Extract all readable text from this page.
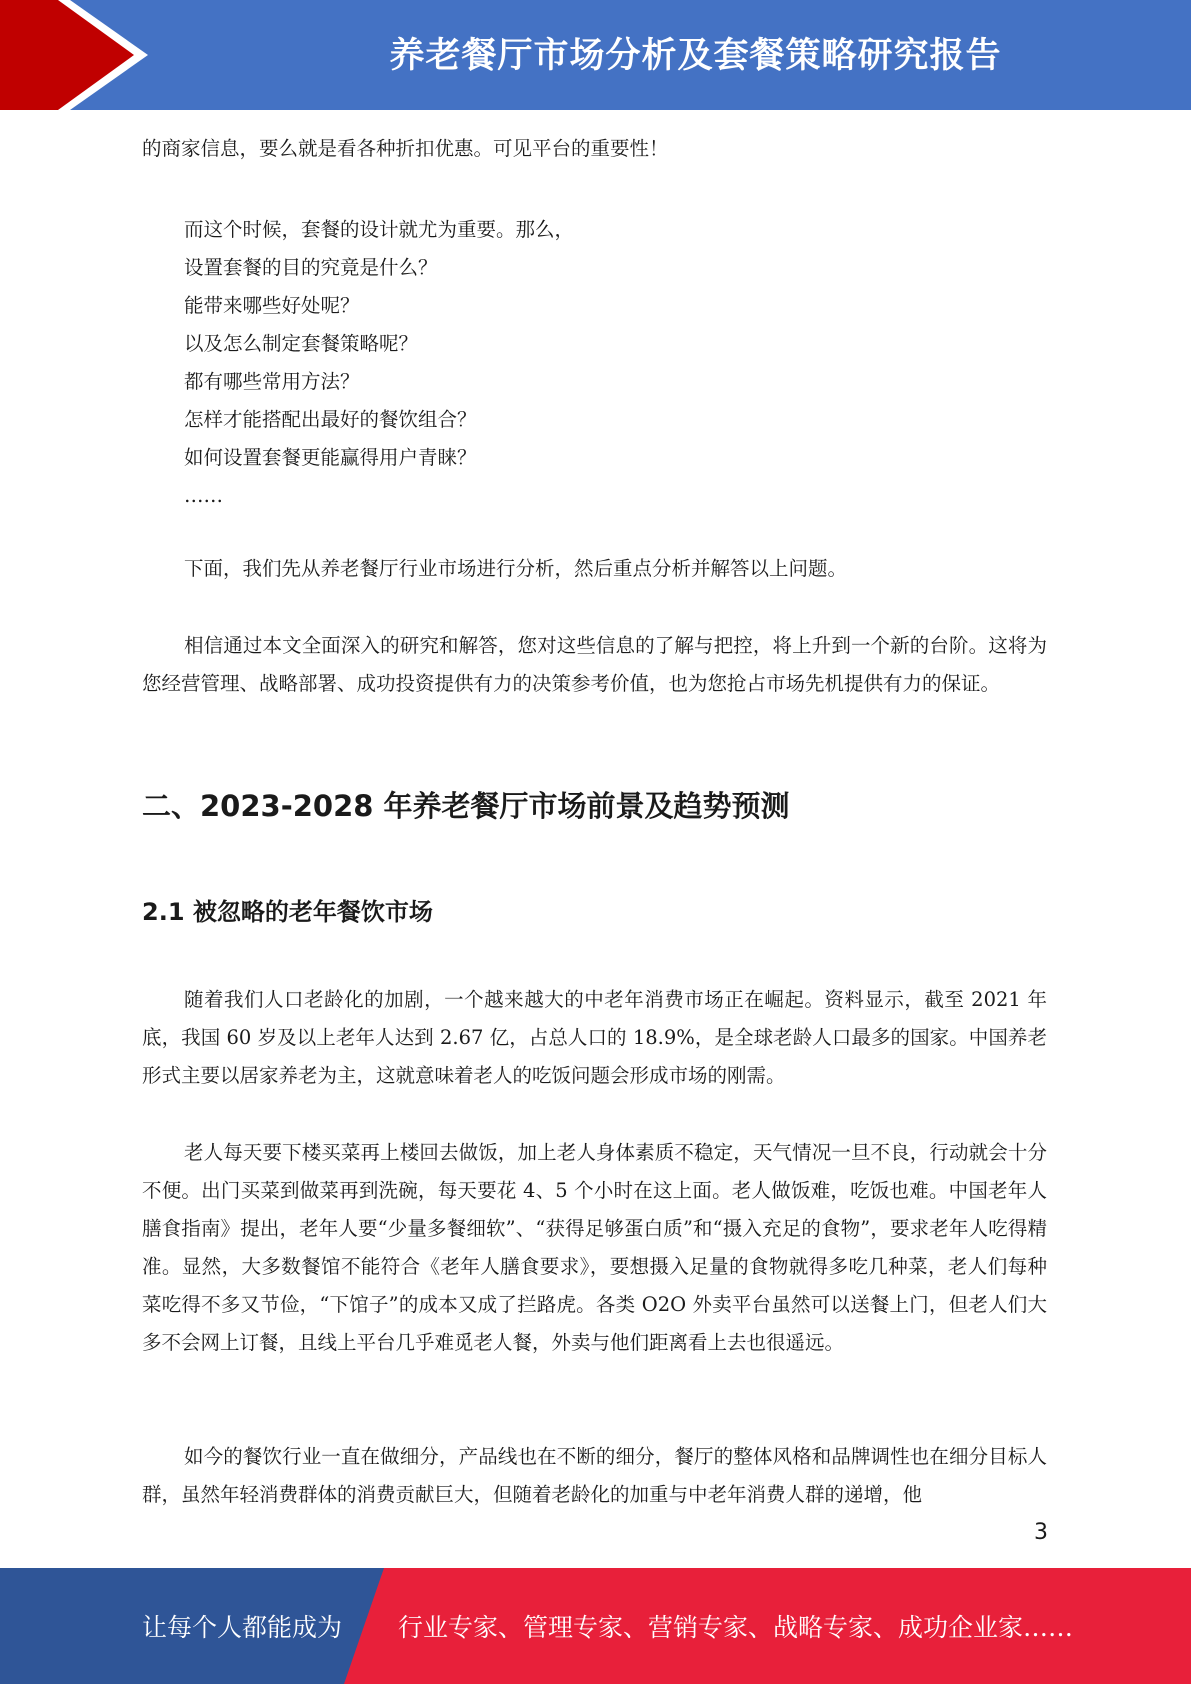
养老餐厅市场分析及套餐策略研究报告

的商家信息，要么就是看各种折扣优惠。可见平台的重要性！

而这个时候，套餐的设计就尤为重要。那么，

设置套餐的目的究竟是什么？

能带来哪些好处呢？

以及怎么制定套餐策略呢？

都有哪些常用方法？

怎样才能搭配出最好的餐饮组合？

如何设置套餐更能赢得用户青睐？

……

下面，我们先从养老餐厅行业市场进行分析，然后重点分析并解答以上问题。

相信通过本文全面深入的研究和解答，您对这些信息的了解与把控，将上升到一个新的台阶。这将为您经营管理、战略部署、成功投资提供有力的决策参考价值，也为您抢占市场先机提供有力的保证。

二、2023-2028 年养老餐厅市场前景及趋势预测
2.1 被忽略的老年餐饮市场

随着我们人口老龄化的加剧，一个越来越大的中老年消费市场正在崛起。资料显示，截至 2021 年底，我国 60 岁及以上老年人达到 2.67 亿，占总人口的 18.9%，是全球老龄人口最多的国家。中国养老形式主要以居家养老为主，这就意味着老人的吃饭问题会形成市场的刚需。

老人每天要下楼买菜再上楼回去做饭，加上老人身体素质不稳定，天气情况一旦不良，行动就会十分不便。出门买菜到做菜再到洗碗，每天要花 4、5 个小时在这上面。老人做饭难，吃饭也难。中国老年人膳食指南》提出，老年人要“少量多餐细软”、“获得足够蛋白质”和“摄入充足的食物”，要求老年人吃得精准。显然，大多数餐馆不能符合《老年人膳食要求》，要想摄入足量的食物就得多吃几种菜，老人们每种菜吃得不多又节俭，“下馆子”的成本又成了拦路虎。各类 O2O 外卖平台虽然可以送餐上门，但老人们大多不会网上订餐，且线上平台几乎难觅老人餐，外卖与他们距离看上去也很遥远。

如今的餐饮行业一直在做细分，产品线也在不断的细分，餐厅的整体风格和品牌调性也在细分目标人群，虽然年轻消费群体的消费贡献巨大，但随着老龄化的加重与中老年消费人群的递增，他

3
让每个人都能成为 行业专家、管理专家、营销专家、战略专家、成功企业家……
